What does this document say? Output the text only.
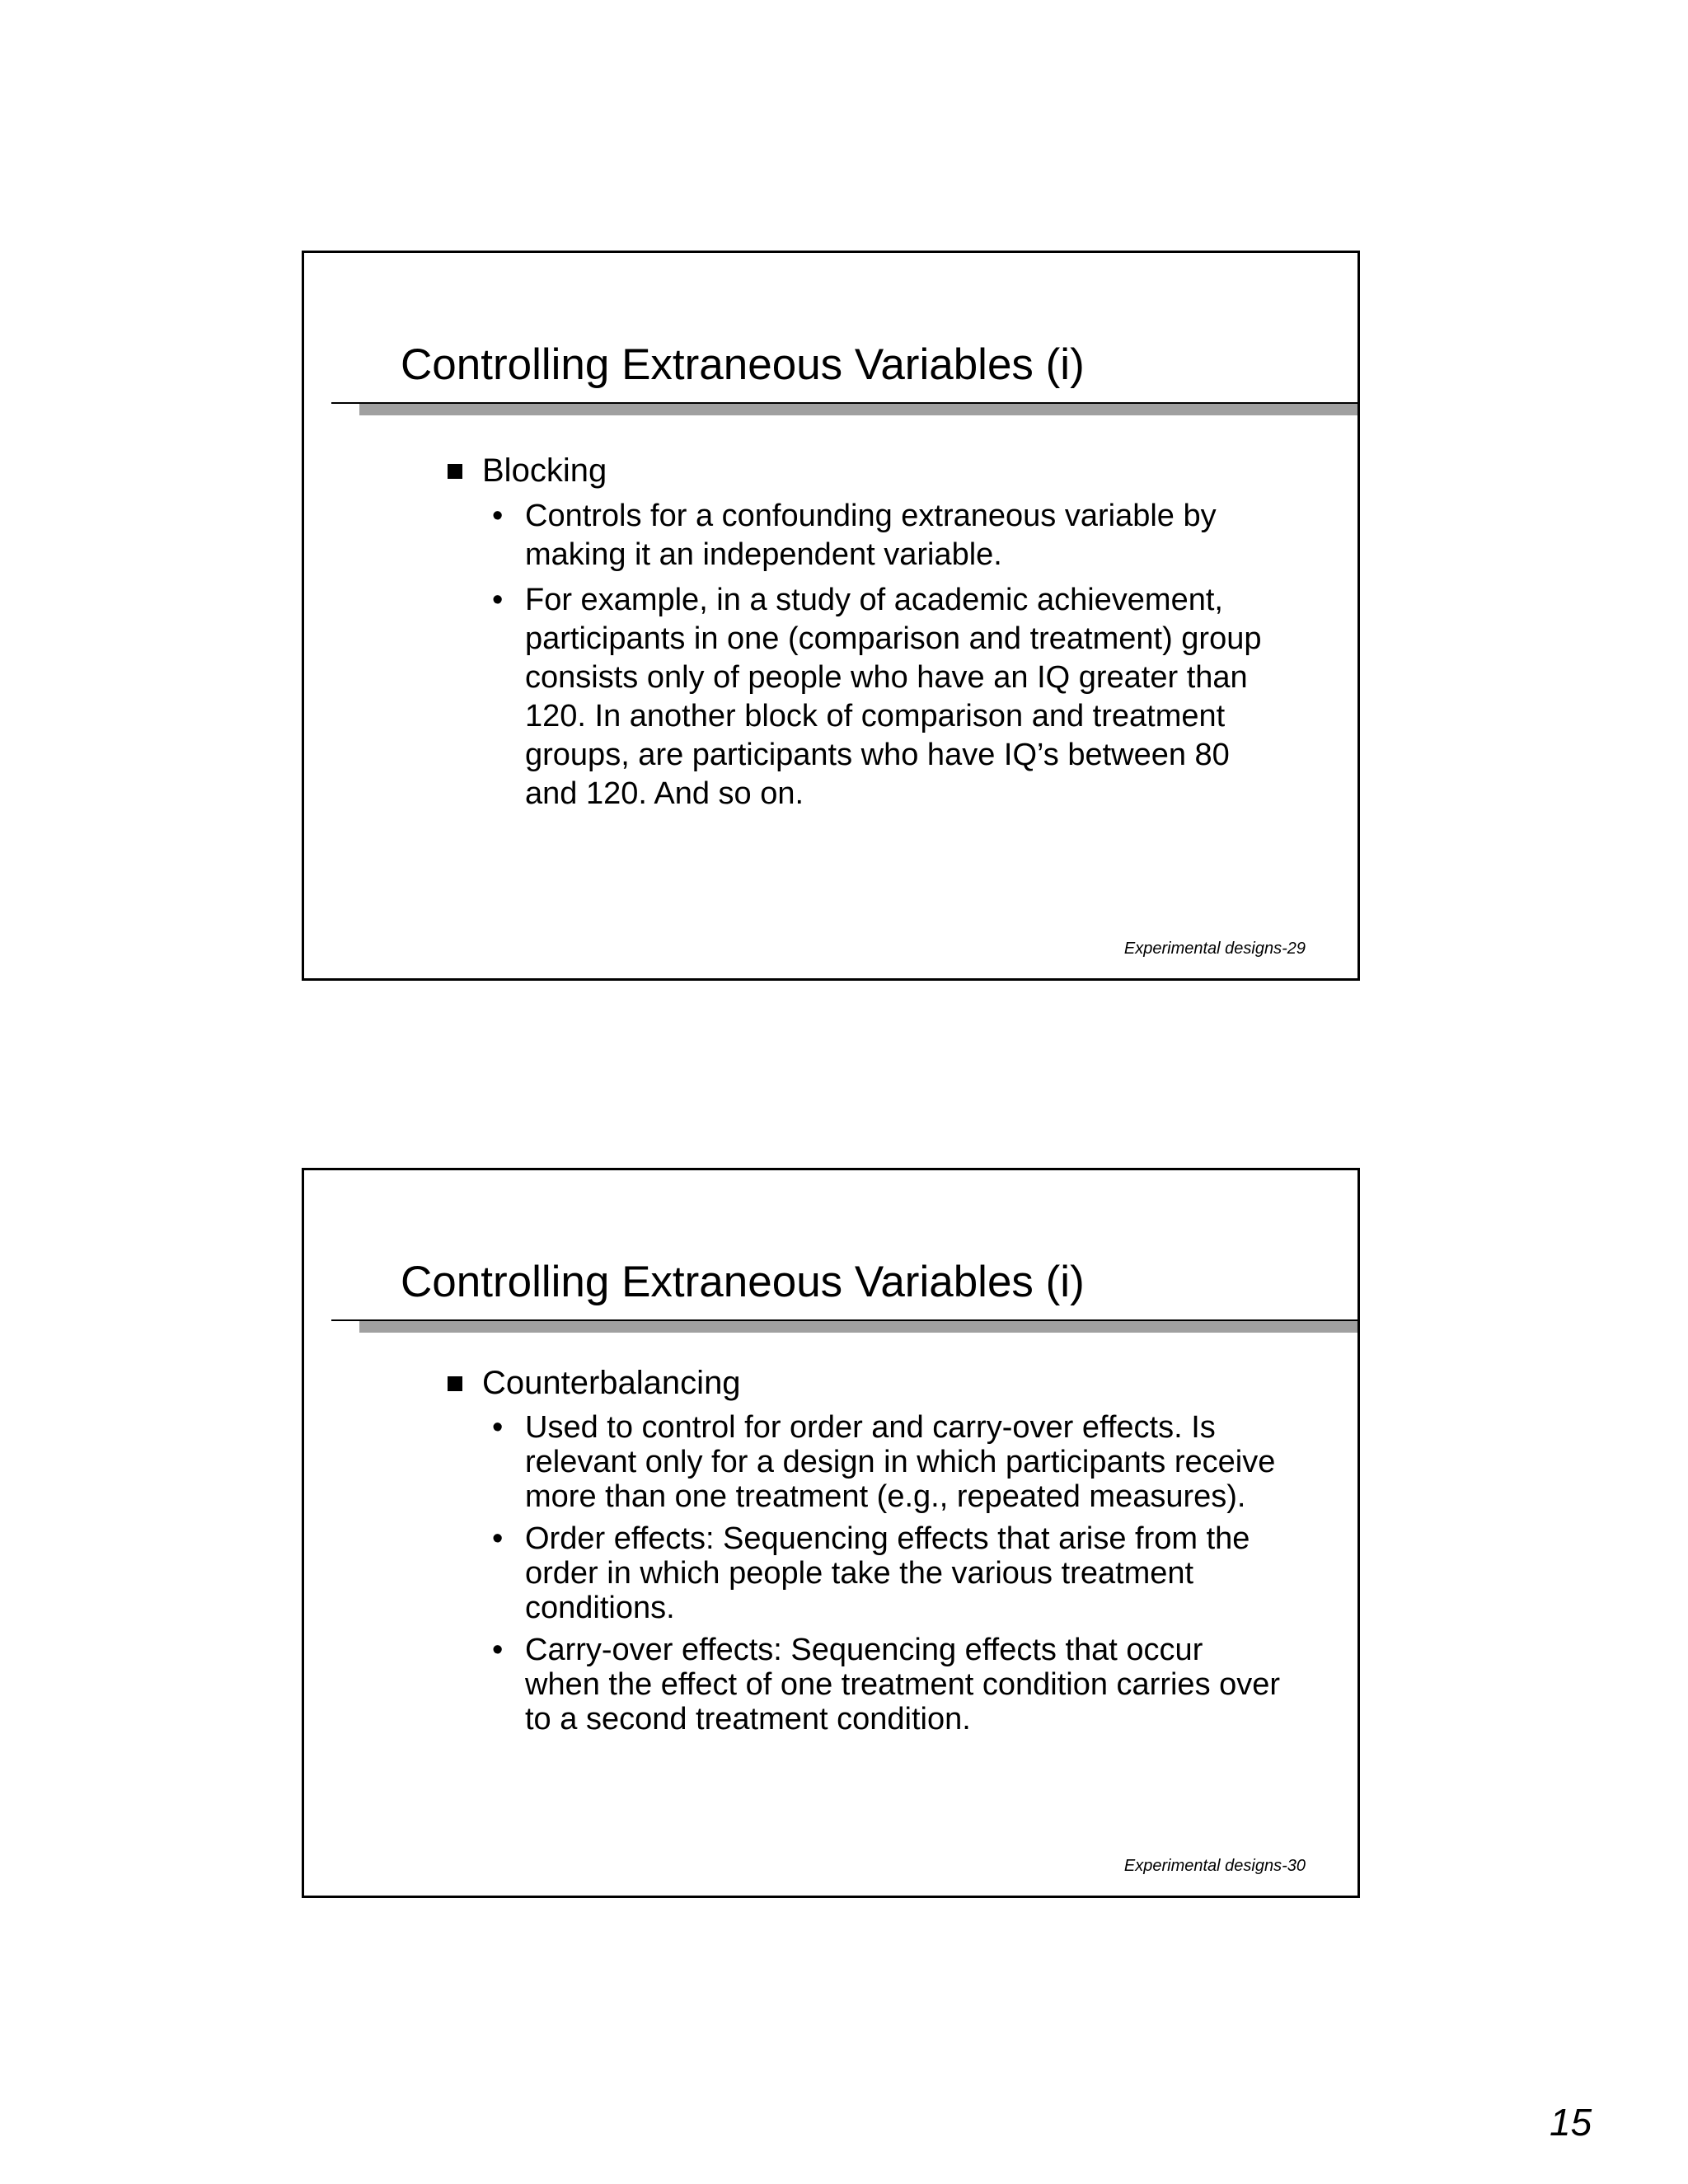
Controlling Extraneous Variables (i)
Blocking
• Controls for a confounding extraneous variable by making it an independent variable.
• For example, in a study of academic achievement, participants in one (comparison and treatment) group consists only of people who have an IQ greater than 120. In another block of comparison and treatment groups, are participants who have IQ’s between 80 and 120. And so on.
Experimental designs-29
Controlling Extraneous Variables (i)
Counterbalancing
• Used to control for order and carry-over effects. Is relevant only for a design in which participants receive more than one treatment (e.g., repeated measures).
• Order effects: Sequencing effects that arise from the order in which people take the various treatment conditions.
• Carry-over effects: Sequencing effects that occur when the effect of one treatment condition carries over to a second treatment condition.
Experimental designs-30
15
